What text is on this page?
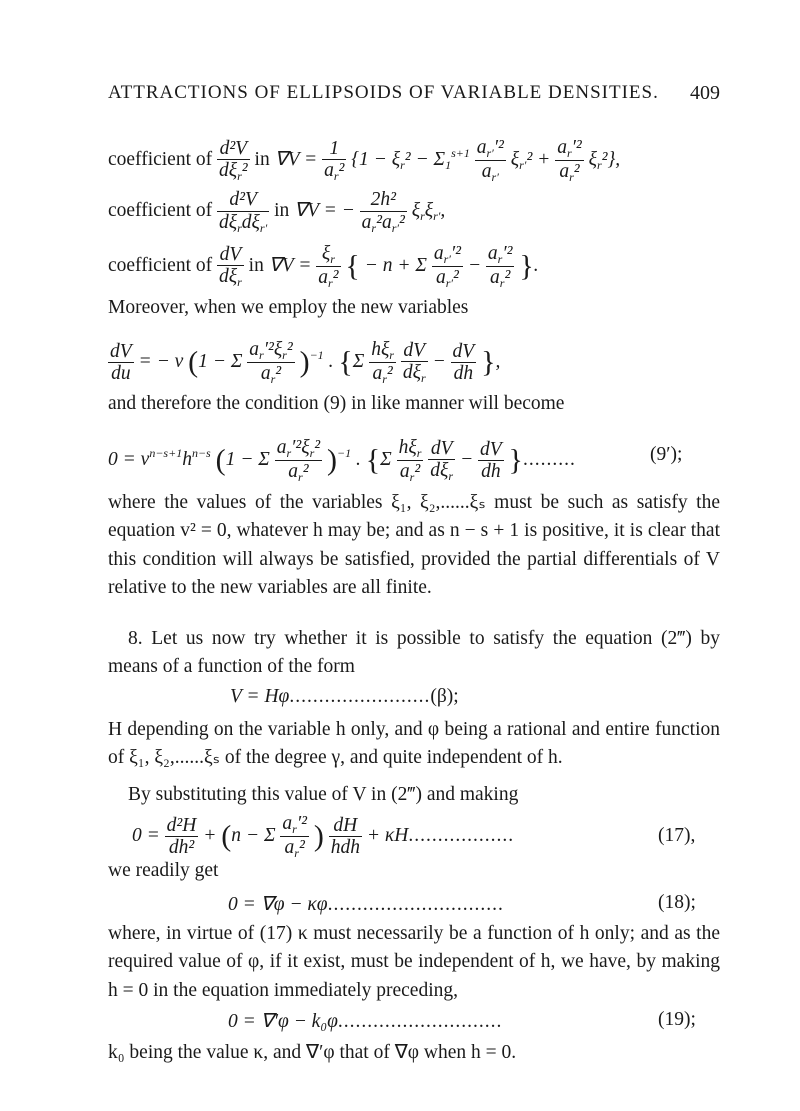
ATTRACTIONS OF ELLIPSOIDS OF VARIABLE DENSITIES. 409
coefficient of $\frac{\text{d²V}}{d\xi_r^2}$ in $\nabla V = \frac{1}{a_r^2} \{1 - \xi_r^2 - \Sigma_1^{s+1} \frac{a_{r'}'^2}{a_{r'}} \xi_{r'}^2 + \frac{a_r'^2}{a_r^2} \xi_r^2\}$,
coefficient of $\frac{\text{d²V}}{d\xi_rd\xi_{r'}}$ in ∇V = − $\frac{\text{2h²}}{a_r^2a_{r'}^2} \xi_r\xi_{r'}$,
coefficient of $\frac{dV}{d\xi_r}$ in $\nabla V = \frac{\xi_r}{a_r^2}$ { − n + Σ $\frac{a_{r'}'^2}{a_{r'}^2} - \frac{a_r'^2}{a_r^2}$ }.
Moreover, when we employ the new variables
$\frac{dV}{du}$ = − v (1 − Σ $\frac{a_r'^2\xi_r^2}{a_r^2} )^{-1}$ . {$\Sigma \frac{h\xi_r}{a_r^2}$
$\frac{dV}{d\xi_r} - \frac{dV}{dh}$ },
and therefore the condition (9) in like manner will become
$0 = v^{n-s+1}h^{n-s}$ (1 − Σ $\frac{a_r'^2\xi_r^2}{a_r^2} )^{-1}$ . {$\Sigma \frac{h\xi_r}{a_r^2}$
$\frac{dV}{d\xi_r} - \frac{dV}{dh}$ }.........	(9′);

where the values of the variables ξ₁, ξ₂,......ξₛ must be such as satisfy the equation v² = 0, whatever h may be; and as n − s + 1 is positive, it is clear that this condition will always be satisfied, provided the partial differentials of V relative to the new variables are all finite.

8. Let us now try whether it is possible to satisfy the equation (2‴) by means of a function of the form

V = Hφ........................(β);

H depending on the variable h only, and φ being a rational and entire function of ξ₁, ξ₂,......ξₛ of the degree γ, and quite independent of h.

By substituting this value of V in (2‴) and making

$0 = \frac{\text{d²H}}{\text{dh²}} + (n - \Sigma \frac{a_r'^2}{a_r^2}$ ) $\frac{dH}{\text{hdh}} + \kappa H$..................	(17),
we readily get
0 = ∇φ − κφ..............................	(18);

where, in virtue of (17) κ must necessarily be a function of h only; and as the required value of φ, if it exist, must be independent of h, we have, by making h = 0 in the equation immediately preceding,

0 = ∇′φ − k₀φ............................	(19);
k₀ being the value κ, and ∇′φ that of ∇φ when h = 0.
